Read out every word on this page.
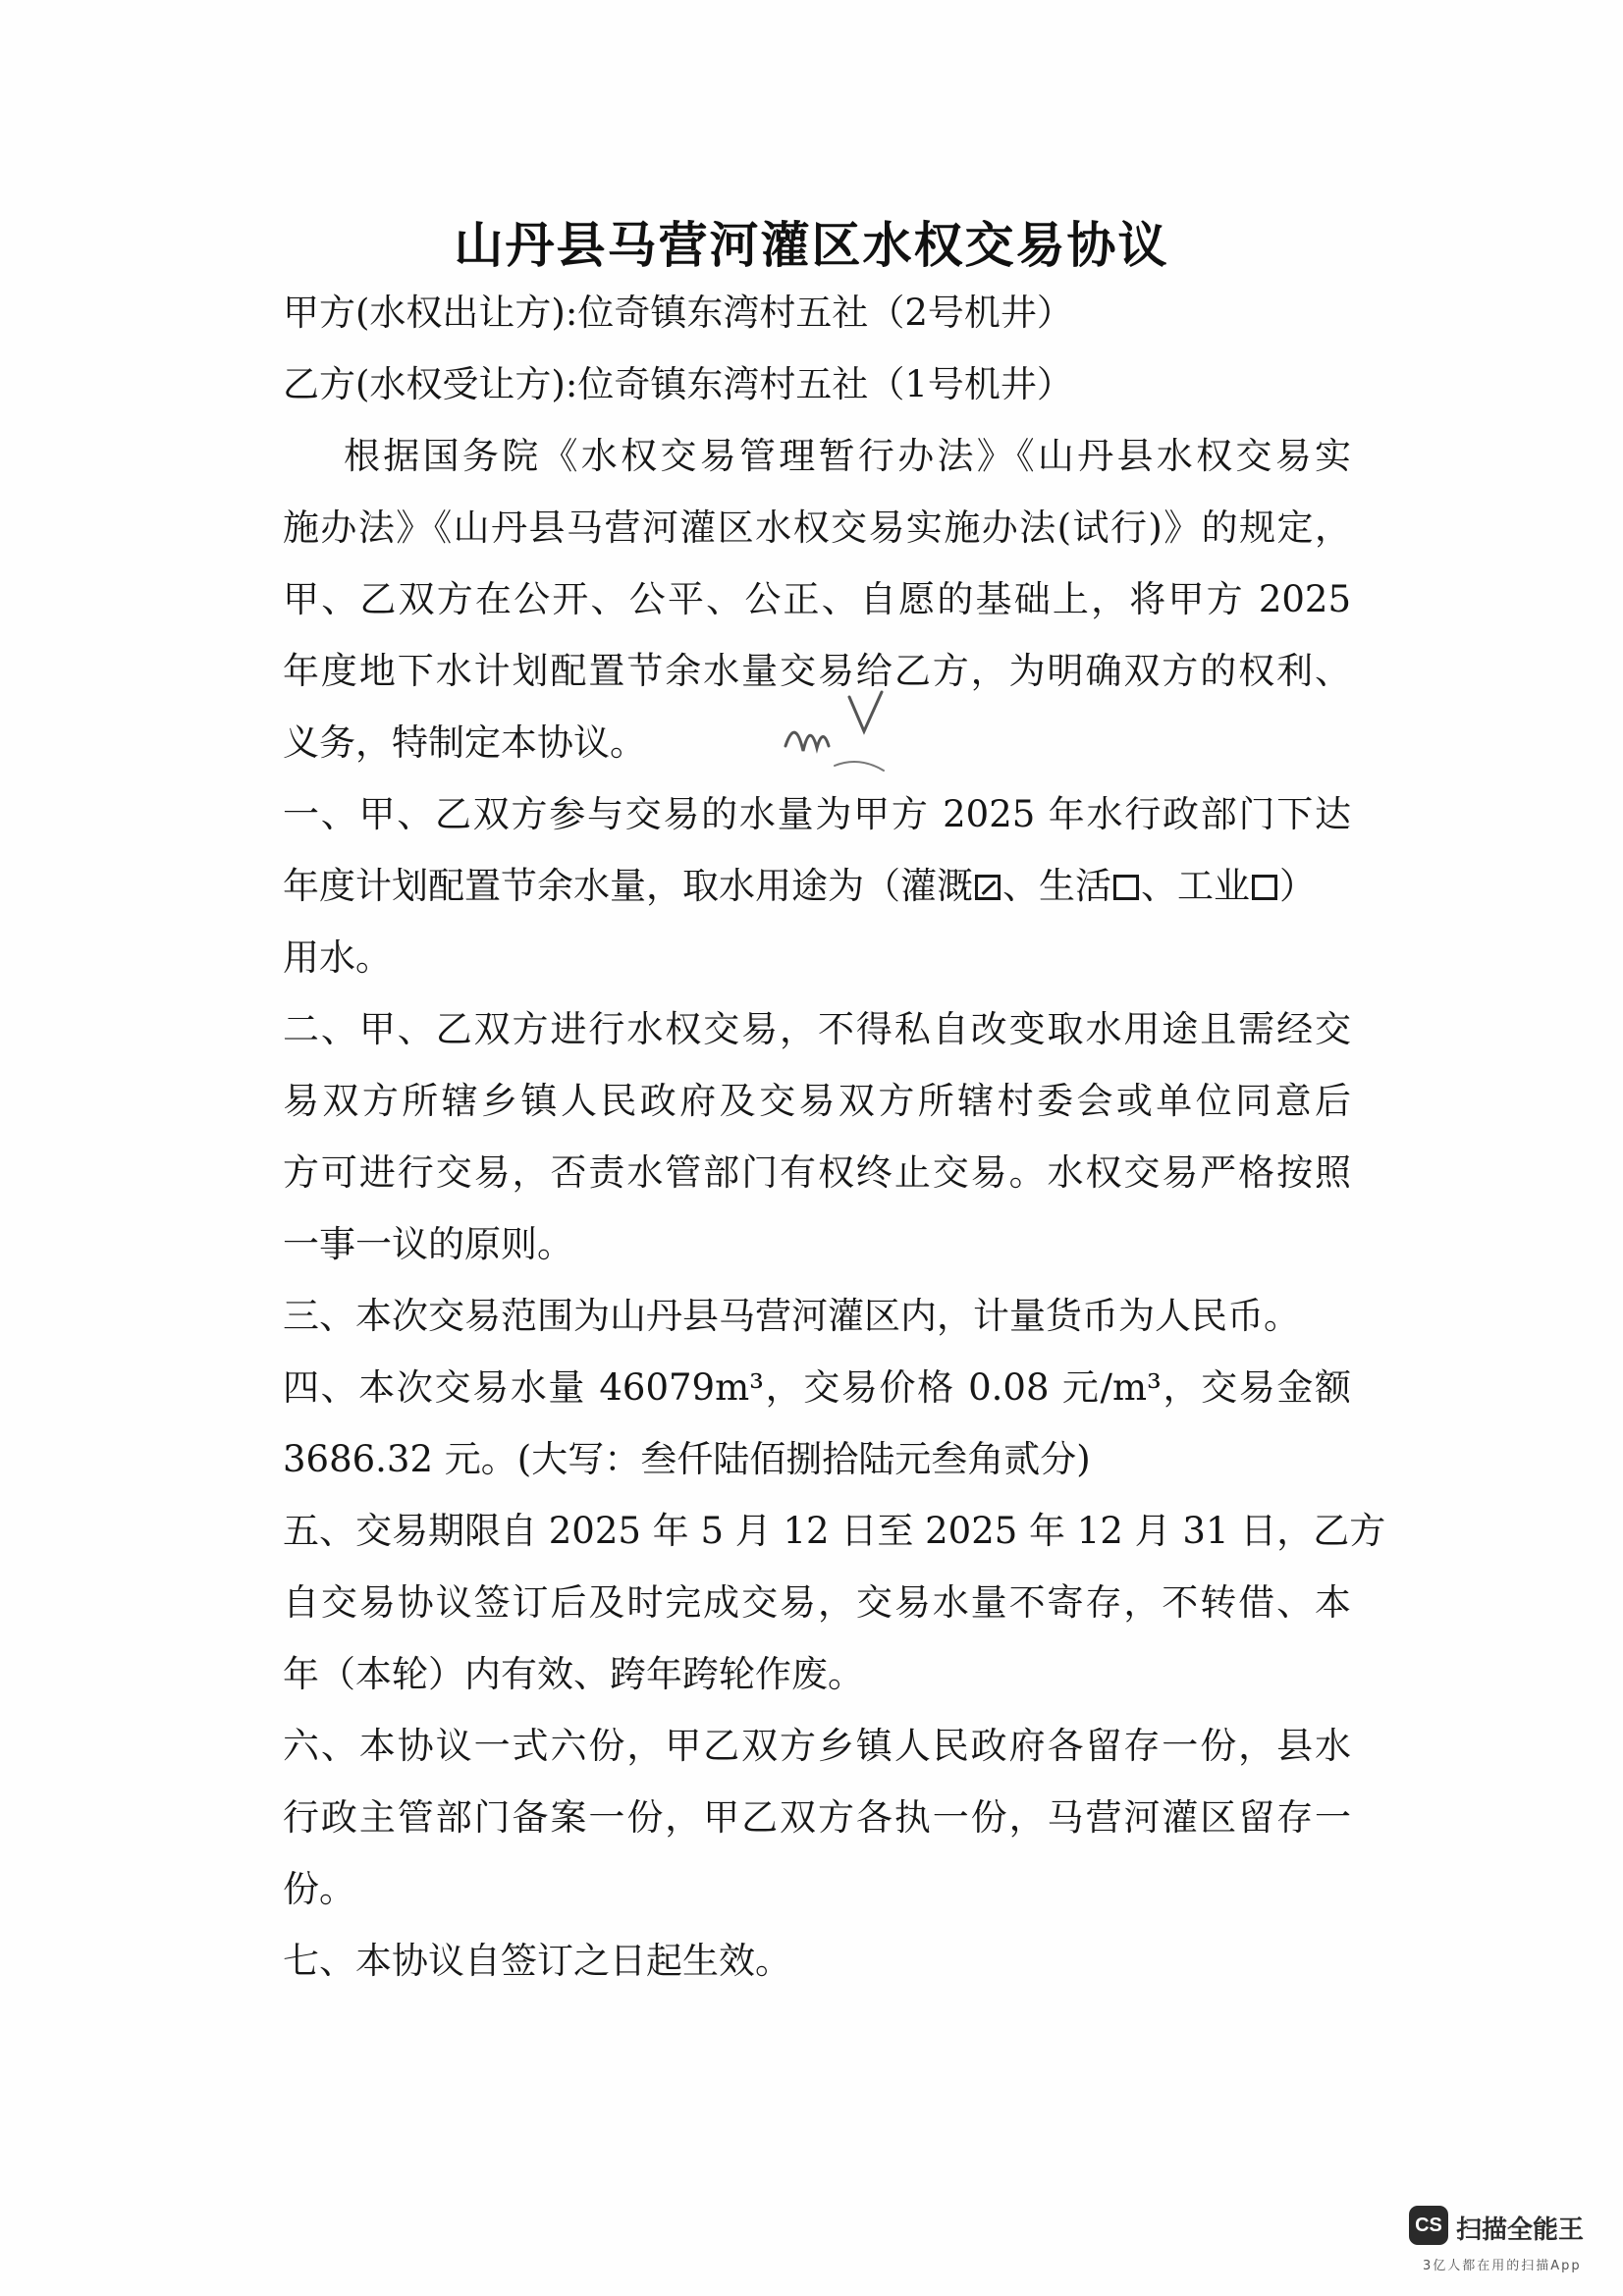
山丹县马营河灌区水权交易协议
甲方(水权出让方):位奇镇东湾村五社（2号机井）
乙方(水权受让方):位奇镇东湾村五社（1号机井）
根据国务院《水权交易管理暂行办法》《山丹县水权交易实
施办法》《山丹县马营河灌区水权交易实施办法(试行)》的规定，
甲、乙双方在公开、公平、公正、自愿的基础上，将甲方 2025
年度地下水计划配置节余水量交易给乙方，为明确双方的权利、
义务，特制定本协议。
一、甲、乙双方参与交易的水量为甲方 2025 年水行政部门下达
年度计划配置节余水量，取水用途为（灌溉 、生活 、工业 ）
用水。
二、甲、乙双方进行水权交易，不得私自改变取水用途且需经交
易双方所辖乡镇人民政府及交易双方所辖村委会或单位同意后
方可进行交易，否责水管部门有权终止交易。水权交易严格按照
一事一议的原则。
三、本次交易范围为山丹县马营河灌区内，计量货币为人民币。
四、本次交易水量 46079m³，交易价格 0.08 元/m³，交易金额
3686.32 元。(大写：叁仟陆佰捌拾陆元叁角贰分)
五、交易期限自 2025 年 5 月 12 日至 2025 年 12 月 31 日，乙方
自交易协议签订后及时完成交易，交易水量不寄存，不转借、本
年（本轮）内有效、跨年跨轮作废。
六、本协议一式六份，甲乙双方乡镇人民政府各留存一份，县水
行政主管部门备案一份，甲乙双方各执一份，马营河灌区留存一
份。
七、本协议自签订之日起生效。
CS 扫描全能王
3亿人都在用的扫描App
